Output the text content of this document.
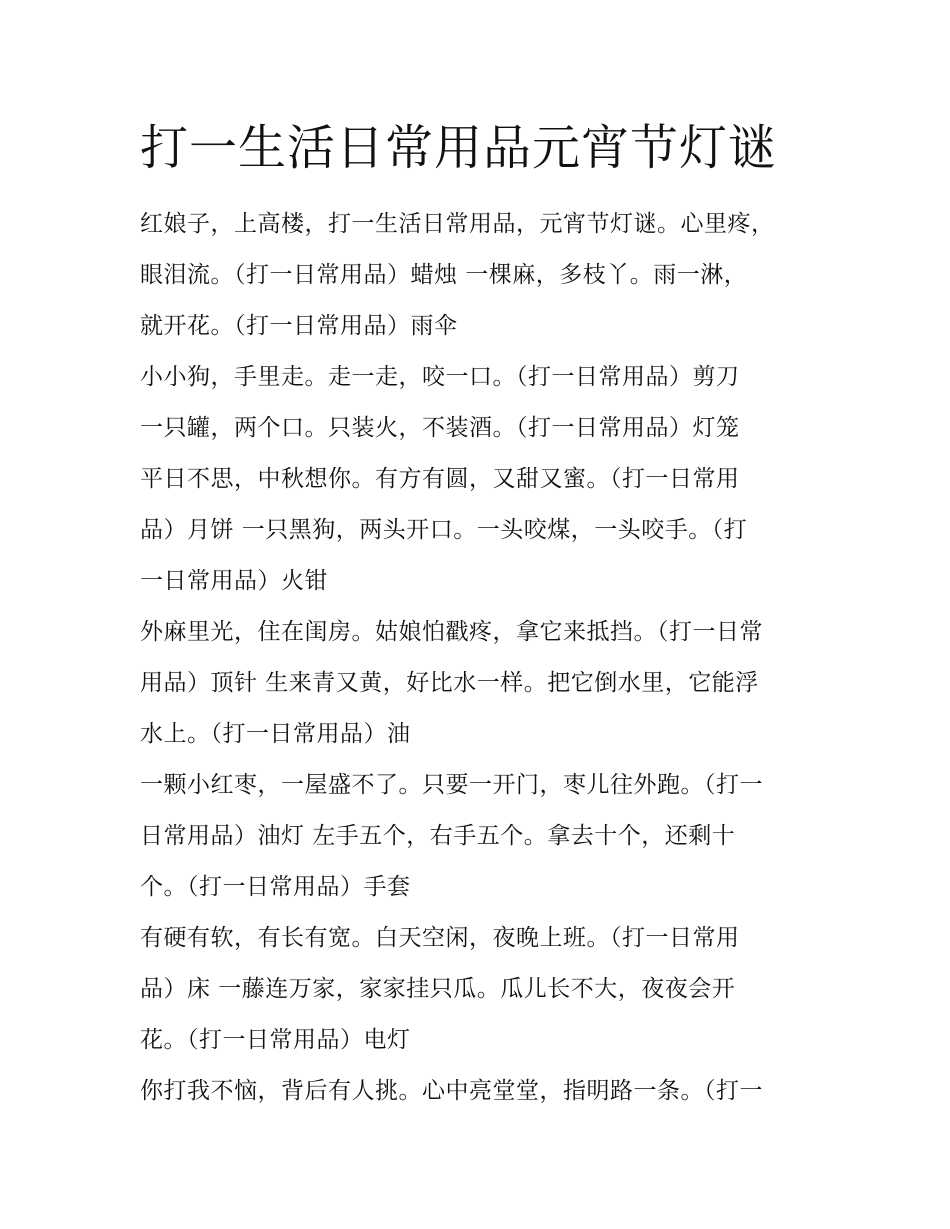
打一生活日常用品元宵节灯谜
红娘子，上高楼，打一生活日常用品，元宵节灯谜。心里疼，
眼泪流。（打一日常用品）蜡烛 一棵麻，多枝丫。雨一淋，
就开花。（打一日常用品）雨伞
小小狗，手里走。走一走，咬一口。（打一日常用品）剪刀
一只罐，两个口。只装火，不装酒。（打一日常用品）灯笼
平日不思，中秋想你。有方有圆，又甜又蜜。（打一日常用
品）月饼 一只黑狗，两头开口。一头咬煤，一头咬手。（打
一日常用品）火钳
外麻里光，住在闺房。姑娘怕戳疼，拿它来抵挡。（打一日常
用品）顶针 生来青又黄，好比水一样。把它倒水里，它能浮
水上。（打一日常用品）油
一颗小红枣，一屋盛不了。只要一开门，枣儿往外跑。（打一
日常用品）油灯 左手五个，右手五个。拿去十个，还剩十
个。（打一日常用品）手套
有硬有软，有长有宽。白天空闲，夜晚上班。（打一日常用
品）床 一藤连万家，家家挂只瓜。瓜儿长不大，夜夜会开
花。（打一日常用品）电灯
你打我不恼，背后有人挑。心中亮堂堂，指明路一条。（打一
